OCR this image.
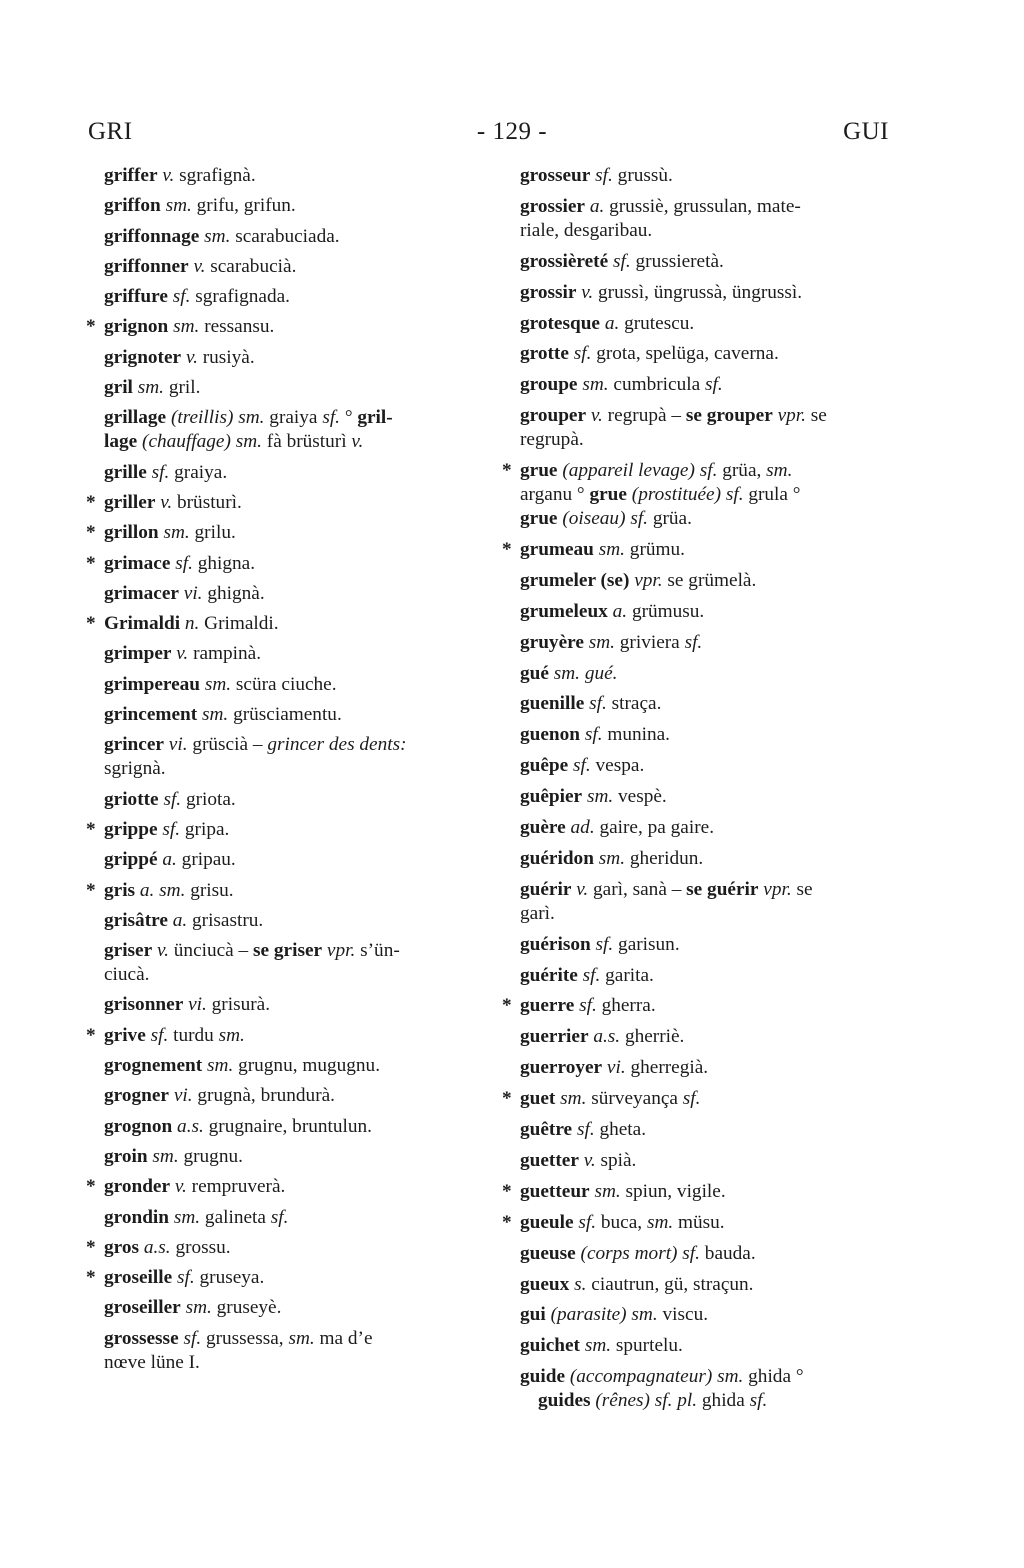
GRI	- 129 -	GUI
griffer v. sgrafignà.
griffon sm. grifu, grifun.
griffonnage sm. scarabuciada.
griffonner v. scarabucià.
griffure sf. sgrafignada.
* grignon sm. ressansu.
grignoter v. rusiyà.
gril sm. gril.
grillage (treillis) sm. graiya sf. ° gril-
lage (chauffage) sm. fà brüsturì v.
grille sf. graiya.
* griller v. brüsturì.
* grillon sm. grilu.
* grimace sf. ghigna.
grimacer vi. ghignà.
* Grimaldi n. Grimaldi.
grimper v. rampinà.
grimpereau sm. scüra ciuche.
grincement sm. grüsciamentu.
grincer vi. grüscià – grincer des dents:
sgrignà.
griotte sf. griota.
* grippe sf. gripa.
grippé a. gripau.
* gris a. sm. grisu.
grisâtre a. grisastru.
griser v. ünciucà – se griser vpr. s’ün-
ciucà.
grisonner vi. grisurà.
* grive sf. turdu sm.
grognement sm. grugnu, mugugnu.
grogner vi. grugnà, brundurà.
grognon a.s. grugnaire, bruntulun.
groin sm. grugnu.
* gronder v. rempruverà.
grondin sm. galineta sf.
* gros a.s. grossu.
* groseille sf. gruseya.
groseiller sm. gruseyè.
grossesse sf. grussessa, sm. ma d’e
nœve lüne I.
grosseur sf. grussù.
grossier a. grussiè, grussulan, mate-
riale, desgaribau.
grossièreté sf. grussieretà.
grossir v. grussì, üngrussà, üngrussì.
grotesque a. grutescu.
grotte sf. grota, spelüga, caverna.
groupe sm. cumbricula sf.
grouper v. regrupà – se grouper vpr. se
regrupà.
* grue (appareil levage) sf. grüa, sm.
arganu ° grue (prostituée) sf. grula °
grue (oiseau) sf. grüa.
* grumeau sm. grümu.
grumeler (se) vpr. se grümelà.
grumeleux a. grümusu.
gruyère sm. griviera sf.
gué sm. gué.
guenille sf. straça.
guenon sf. munina.
guêpe sf. vespa.
guêpier sm. vespè.
guère ad. gaire, pa gaire.
guéridon sm. gheridun.
guérir v. garì, sanà – se guérir vpr. se
garì.
guérison sf. garisun.
guérite sf. garita.
* guerre sf. gherra.
guerrier a.s. gherriè.
guerroyer vi. gherregià.
* guet sm. sürveyança sf.
guêtre sf. gheta.
guetter v. spià.
* guetteur sm. spiun, vigile.
* gueule sf. buca, sm. müsu.
gueuse (corps mort) sf. bauda.
gueux s. ciautrun, gü, straçun.
gui (parasite) sm. viscu.
guichet sm. spurtelu.
guide (accompagnateur) sm. ghida °
guides (rênes) sf. pl. ghida sf.
